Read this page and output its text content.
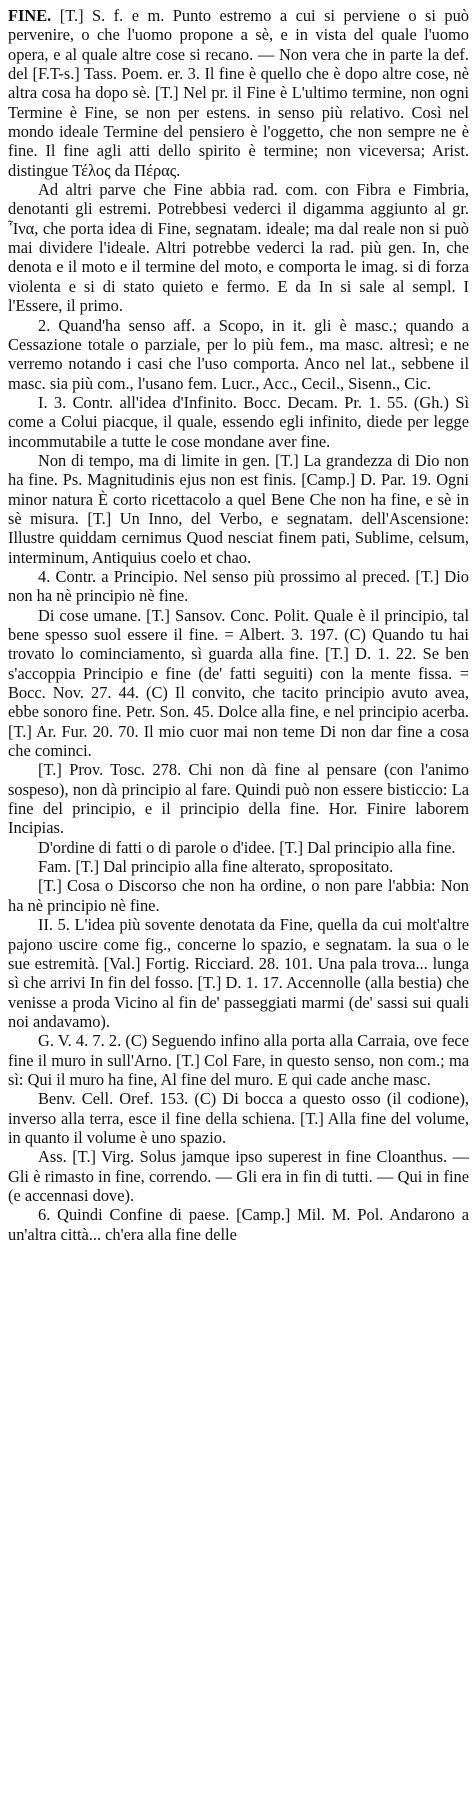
FINE. [T.] S. f. e m. Punto estremo a cui si perviene o si può pervenire, o che l'uomo propone a sè, e in vista del quale l'uomo opera, e al quale altre cose si recano. — Non vera che in parte la def. del [F.T-s.] Tass. Poem. er. 3. Il fine è quello che è dopo altre cose, nè altra cosa ha dopo sè. [T.] Nel pr. il Fine è L'ultimo termine, non ogni Termine è Fine, se non per estens. in senso più relativo. Così nel mondo ideale Termine del pensiero è l'oggetto, che non sempre ne è fine. Il fine agli atti dello spirito è termine; non viceversa; Arist. distingue Τέλος da Πέρας.

Ad altri parve che Fine abbia rad. com. con Fibra e Fimbria, denotanti gli estremi. Potrebbesi vederci il digamma aggiunto al gr. Ἶνα, che porta idea di Fine, segnatam. ideale; ma dal reale non si può mai dividere l'ideale. Altri potrebbe vederci la rad. più gen. In, che denota e il moto e il termine del moto, e comporta le imag. si di forza violenta e si di stato quieto e fermo. E da In si sale al sempl. I l'Essere, il primo.

2. Quand'ha senso aff. a Scopo, in it. gli è masc.; quando a Cessazione totale o parziale, per lo più fem., ma masc. altresì; e ne verremo notando i casi che l'uso comporta. Anco nel lat., sebbene il masc. sia più com., l'usano fem. Lucr., Acc., Cecil., Sisenn., Cic.

I. 3. Contr. all'idea d'Infinito. Bocc. Decam. Pr. 1. 55. (Gh.) Sì come a Colui piacque, il quale, essendo egli infinito, diede per legge incommutabile a tutte le cose mondane aver fine.

Non di tempo, ma di limite in gen. [T.] La grandezza di Dio non ha fine. Ps. Magnitudinis ejus non est finis. [Camp.] D. Par. 19. Ogni minor natura È corto ricettacolo a quel Bene Che non ha fine, e sè in sè misura. [T.] Un Inno, del Verbo, e segnatam. dell'Ascensione: Illustre quiddam cernimus Quod nesciat finem pati, Sublime, celsum, interminum, Antiquius coelo et chao.

4. Contr. a Principio. Nel senso più prossimo al preced. [T.] Dio non ha nè principio nè fine.

Di cose umane. [T.] Sansov. Conc. Polit. Quale è il principio, tal bene spesso suol essere il fine. = Albert. 3. 197. (C) Quando tu hai trovato lo cominciamento, sì guarda alla fine. [T.] D. 1. 22. Se ben s'accoppia Principio e fine (de' fatti seguiti) con la mente fissa. = Bocc. Nov. 27. 44. (C) Il convito, che tacito principio avuto avea, ebbe sonoro fine. Petr. Son. 45. Dolce alla fine, e nel principio acerba. [T.] Ar. Fur. 20. 70. Il mio cuor mai non teme Di non dar fine a cosa che cominci.

[T.] Prov. Tosc. 278. Chi non dà fine al pensare (con l'animo sospeso), non dà principio al fare. Quindi può non essere bisticcio: La fine del principio, e il principio della fine. Hor. Finire laborem Incipias.

D'ordine di fatti o di parole o d'idee. [T.] Dal principio alla fine.

Fam. [T.] Dal principio alla fine alterato, spropositato.

[T.] Cosa o Discorso che non ha ordine, o non pare l'abbia: Non ha nè principio nè fine.

II. 5. L'idea più sovente denotata da Fine, quella da cui molt'altre pajono uscire come fig., concerne lo spazio, e segnatam. la sua o le sue estremità. [Val.] Fortig. Ricciard. 28. 101. Una pala trova... lunga sì che arrivi In fin del fosso. [T.] D. 1. 17. Accennolle (alla bestia) che venisse a proda Vicino al fin de' passeggiati marmi (de' sassi sui quali noi andavamo).

G. V. 4. 7. 2. (C) Seguendo infino alla porta alla Carraia, ove fece fine il muro in sull'Arno. [T.] Col Fare, in questo senso, non com.; ma sì: Qui il muro ha fine, Al fine del muro. E qui cade anche masc.

Benv. Cell. Oref. 153. (C) Di bocca a questo osso (il codione), inverso alla terra, esce il fine della schiena. [T.] Alla fine del volume, in quanto il volume è uno spazio.

Ass. [T.] Virg. Solus jamque ipso superest in fine Cloanthus. — Gli è rimasto in fine, correndo. — Gli era in fin di tutti. — Qui in fine (e accennasi dove).

6. Quindi Confine di paese. [Camp.] Mil. M. Pol. Andarono a un'altra città... ch'era alla fine delle
